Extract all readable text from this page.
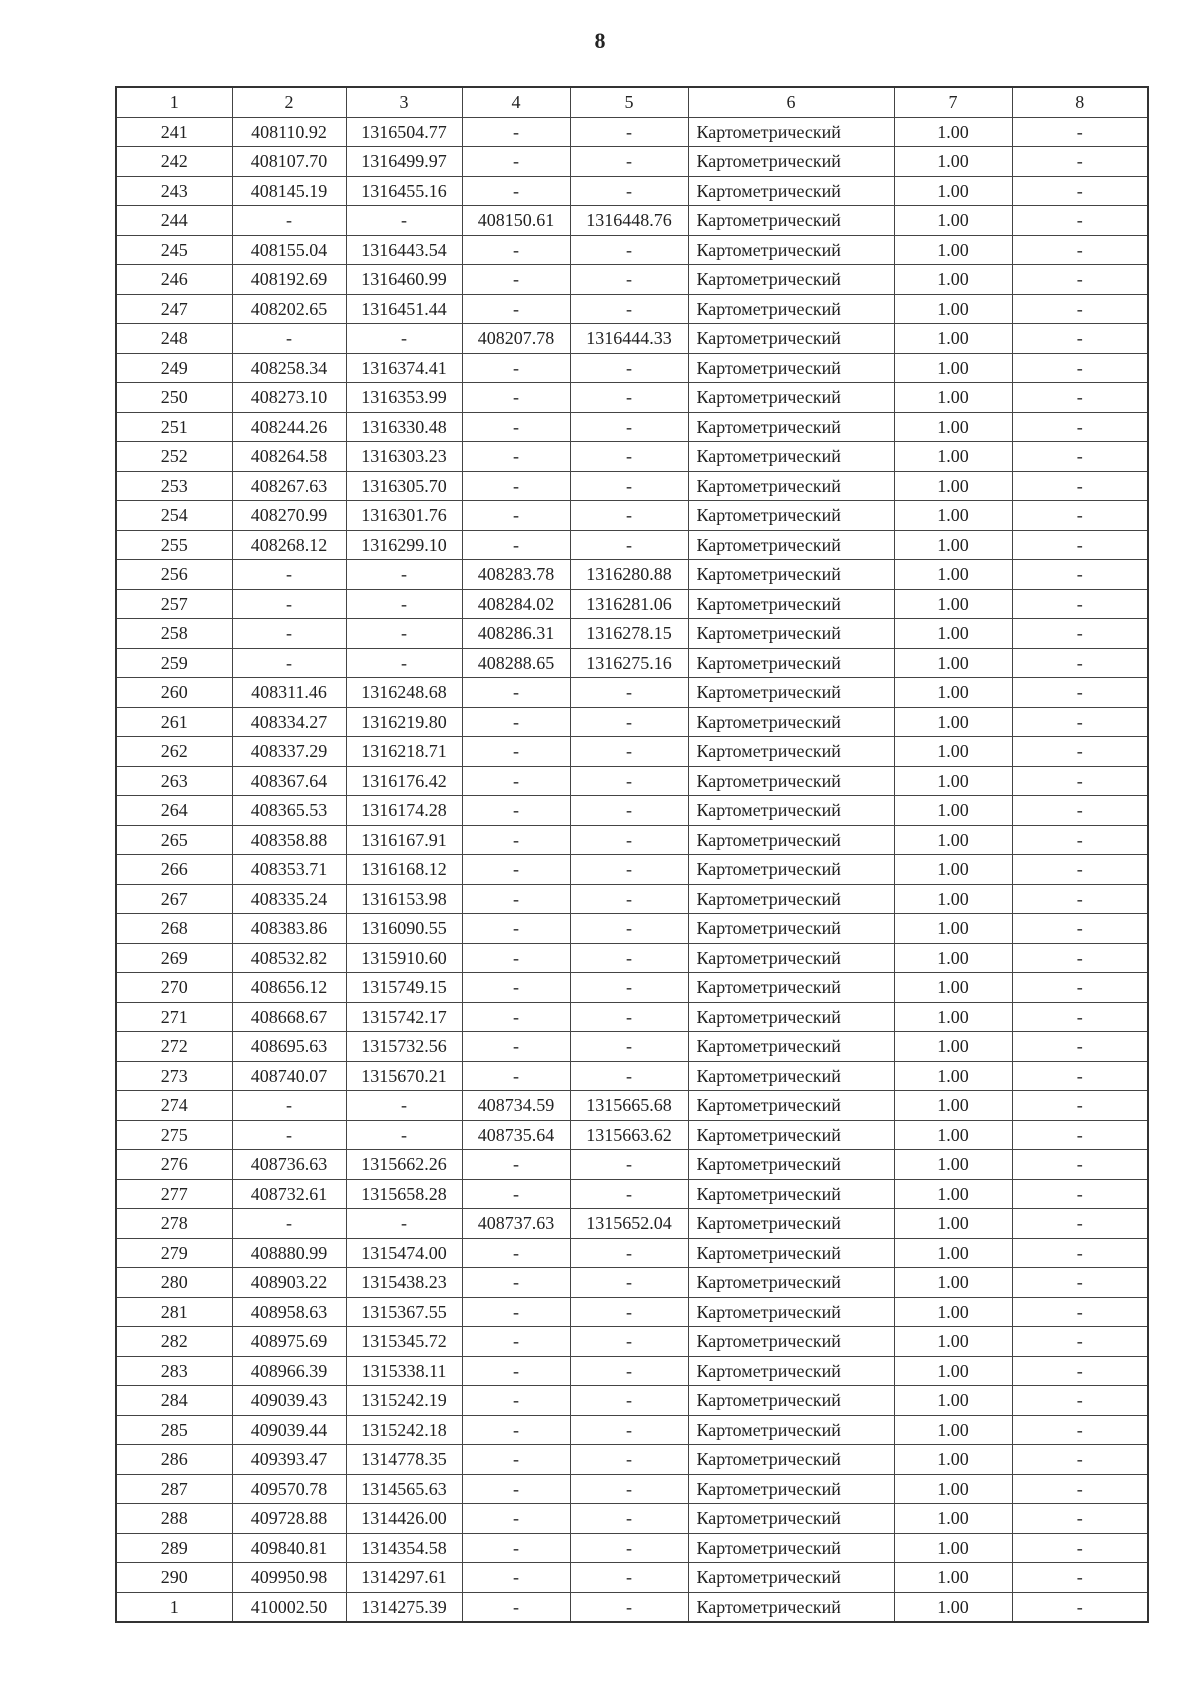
8
1	2	3	4	5	6	7	8
241	408110.92	1316504.77	-	-	Картометрический	1.00	-
242	408107.70	1316499.97	-	-	Картометрический	1.00	-
243	408145.19	1316455.16	-	-	Картометрический	1.00	-
244	-	-	408150.61	1316448.76	Картометрический	1.00	-
245	408155.04	1316443.54	-	-	Картометрический	1.00	-
246	408192.69	1316460.99	-	-	Картометрический	1.00	-
247	408202.65	1316451.44	-	-	Картометрический	1.00	-
248	-	-	408207.78	1316444.33	Картометрический	1.00	-
249	408258.34	1316374.41	-	-	Картометрический	1.00	-
250	408273.10	1316353.99	-	-	Картометрический	1.00	-
251	408244.26	1316330.48	-	-	Картометрический	1.00	-
252	408264.58	1316303.23	-	-	Картометрический	1.00	-
253	408267.63	1316305.70	-	-	Картометрический	1.00	-
254	408270.99	1316301.76	-	-	Картометрический	1.00	-
255	408268.12	1316299.10	-	-	Картометрический	1.00	-
256	-	-	408283.78	1316280.88	Картометрический	1.00	-
257	-	-	408284.02	1316281.06	Картометрический	1.00	-
258	-	-	408286.31	1316278.15	Картометрический	1.00	-
259	-	-	408288.65	1316275.16	Картометрический	1.00	-
260	408311.46	1316248.68	-	-	Картометрический	1.00	-
261	408334.27	1316219.80	-	-	Картометрический	1.00	-
262	408337.29	1316218.71	-	-	Картометрический	1.00	-
263	408367.64	1316176.42	-	-	Картометрический	1.00	-
264	408365.53	1316174.28	-	-	Картометрический	1.00	-
265	408358.88	1316167.91	-	-	Картометрический	1.00	-
266	408353.71	1316168.12	-	-	Картометрический	1.00	-
267	408335.24	1316153.98	-	-	Картометрический	1.00	-
268	408383.86	1316090.55	-	-	Картометрический	1.00	-
269	408532.82	1315910.60	-	-	Картометрический	1.00	-
270	408656.12	1315749.15	-	-	Картометрический	1.00	-
271	408668.67	1315742.17	-	-	Картометрический	1.00	-
272	408695.63	1315732.56	-	-	Картометрический	1.00	-
273	408740.07	1315670.21	-	-	Картометрический	1.00	-
274	-	-	408734.59	1315665.68	Картометрический	1.00	-
275	-	-	408735.64	1315663.62	Картометрический	1.00	-
276	408736.63	1315662.26	-	-	Картометрический	1.00	-
277	408732.61	1315658.28	-	-	Картометрический	1.00	-
278	-	-	408737.63	1315652.04	Картометрический	1.00	-
279	408880.99	1315474.00	-	-	Картометрический	1.00	-
280	408903.22	1315438.23	-	-	Картометрический	1.00	-
281	408958.63	1315367.55	-	-	Картометрический	1.00	-
282	408975.69	1315345.72	-	-	Картометрический	1.00	-
283	408966.39	1315338.11	-	-	Картометрический	1.00	-
284	409039.43	1315242.19	-	-	Картометрический	1.00	-
285	409039.44	1315242.18	-	-	Картометрический	1.00	-
286	409393.47	1314778.35	-	-	Картометрический	1.00	-
287	409570.78	1314565.63	-	-	Картометрический	1.00	-
288	409728.88	1314426.00	-	-	Картометрический	1.00	-
289	409840.81	1314354.58	-	-	Картометрический	1.00	-
290	409950.98	1314297.61	-	-	Картометрический	1.00	-
1	410002.50	1314275.39	-	-	Картометрический	1.00	-
